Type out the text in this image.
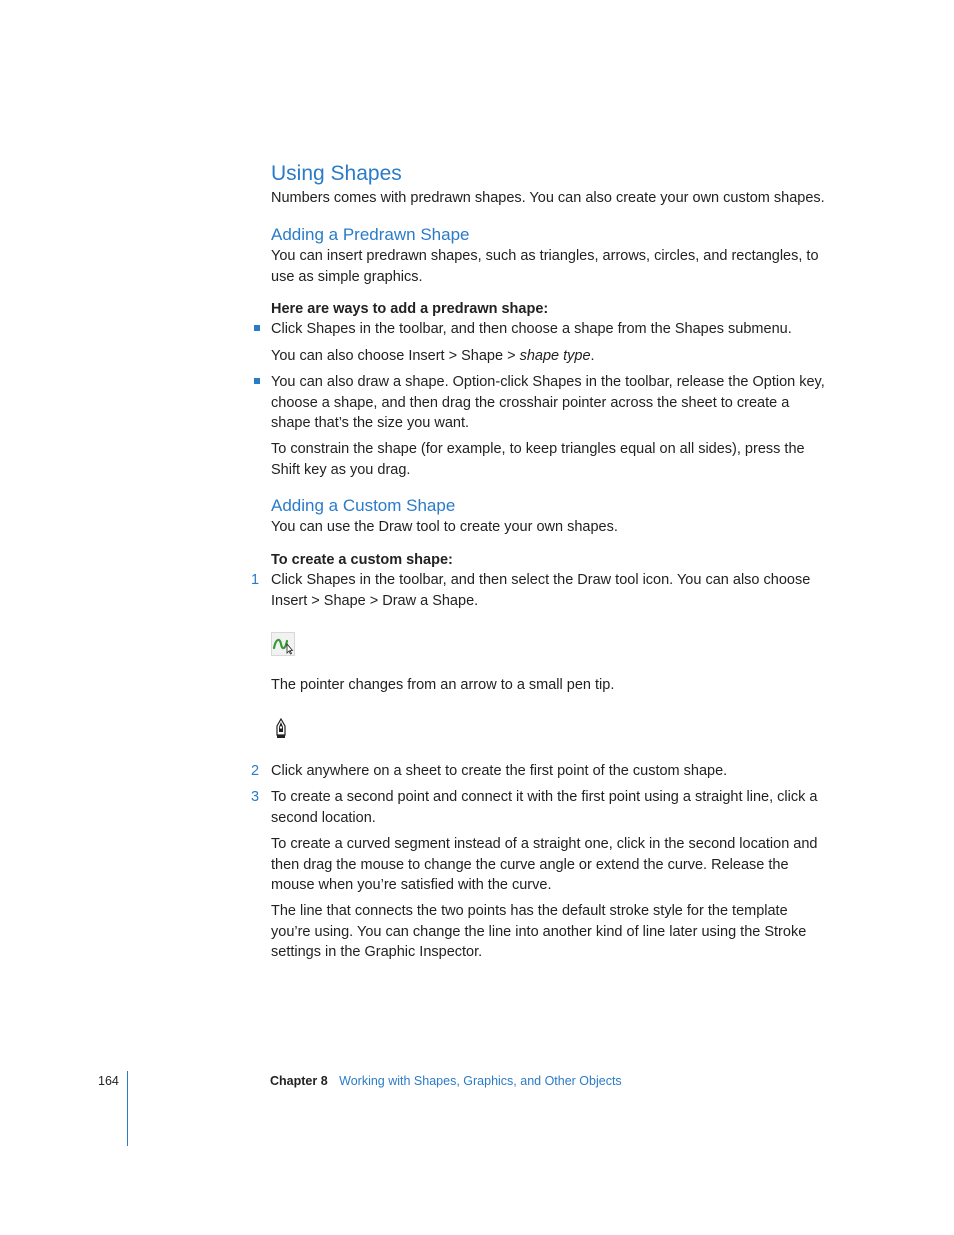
Using Shapes
Numbers comes with predrawn shapes. You can also create your own custom shapes.
Adding a Predrawn Shape
You can insert predrawn shapes, such as triangles, arrows, circles, and rectangles, to use as simple graphics.
Here are ways to add a predrawn shape:
Click Shapes in the toolbar, and then choose a shape from the Shapes submenu.
You can also choose Insert > Shape > shape type.
You can also draw a shape. Option-click Shapes in the toolbar, release the Option key, choose a shape, and then drag the crosshair pointer across the sheet to create a shape that’s the size you want.
To constrain the shape (for example, to keep triangles equal on all sides), press the Shift key as you drag.
Adding a Custom Shape
You can use the Draw tool to create your own shapes.
To create a custom shape:
1 Click Shapes in the toolbar, and then select the Draw tool icon. You can also choose Insert > Shape > Draw a Shape.
The pointer changes from an arrow to a small pen tip.
2 Click anywhere on a sheet to create the first point of the custom shape.
3 To create a second point and connect it with the first point using a straight line, click a second location.
To create a curved segment instead of a straight one, click in the second location and then drag the mouse to change the curve angle or extend the curve. Release the mouse when you’re satisfied with the curve.
The line that connects the two points has the default stroke style for the template you’re using. You can change the line into another kind of line later using the Stroke settings in the Graphic Inspector.
164	Chapter 8 Working with Shapes, Graphics, and Other Objects
